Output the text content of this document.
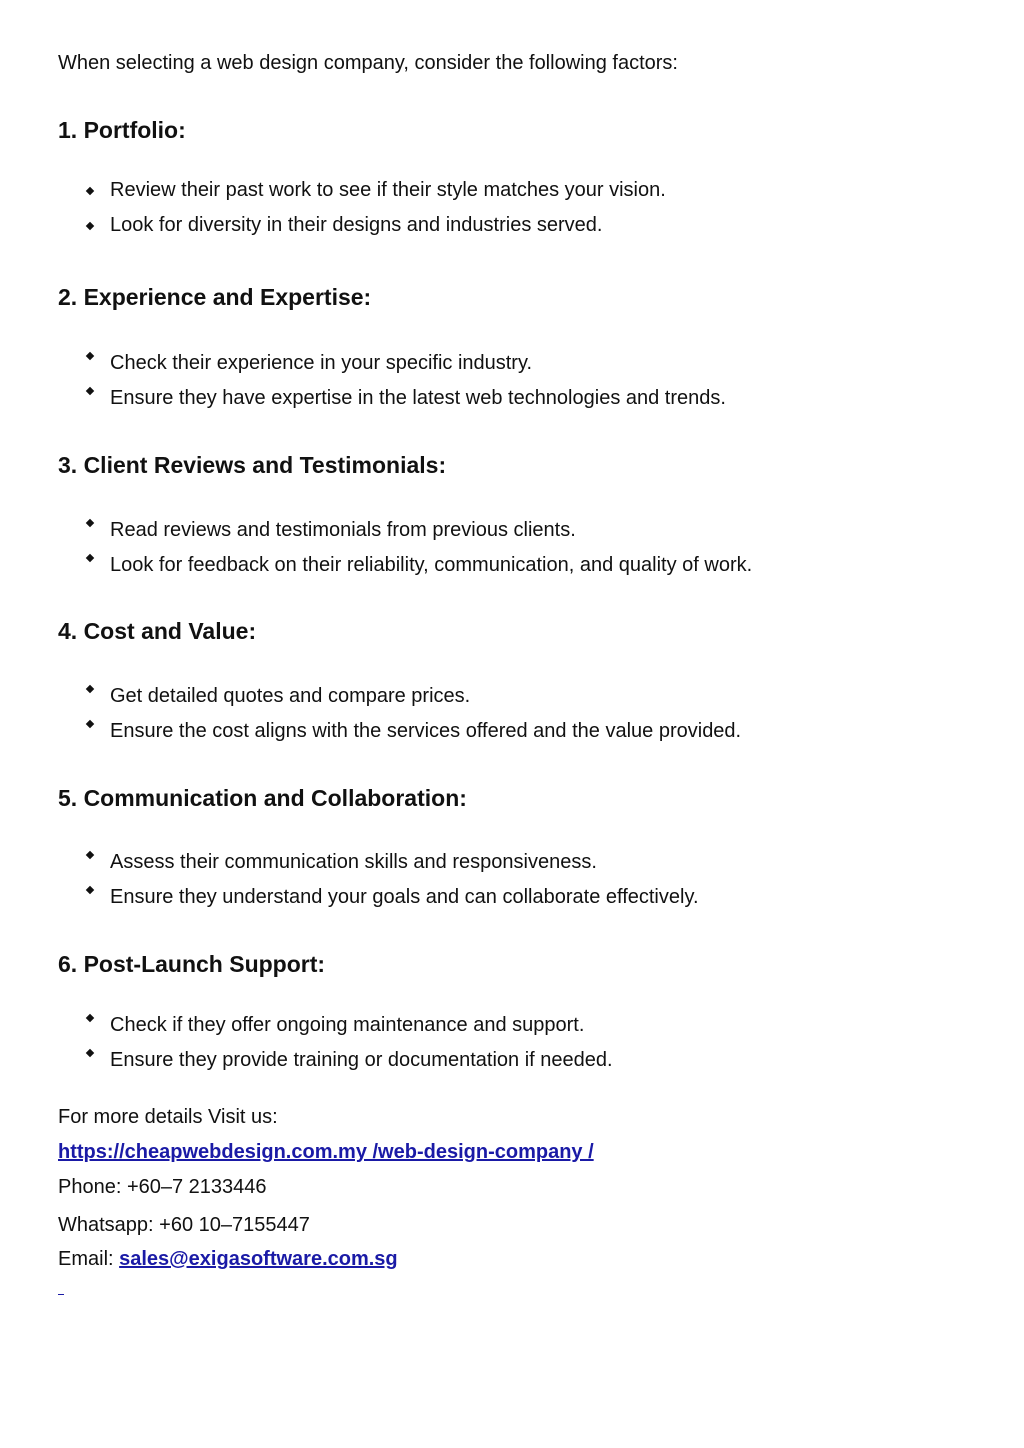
When selecting a web design company, consider the following factors:

1. Portfolio:
Review their past work to see if their style matches your vision.
Look for diversity in their designs and industries served.
2. Experience and Expertise:
Check their experience in your specific industry.
Ensure they have expertise in the latest web technologies and trends.
3. Client Reviews and Testimonials:
Read reviews and testimonials from previous clients.
Look for feedback on their reliability, communication, and quality of work.
4. Cost and Value:
Get detailed quotes and compare prices.
Ensure the cost aligns with the services offered and the value provided.
5. Communication and Collaboration:
Assess their communication skills and responsiveness.
Ensure they understand your goals and can collaborate effectively.
6. Post-Launch Support:
Check if they offer ongoing maintenance and support.
Ensure they provide training or documentation if needed.
For more details Visit us:
https://cheapwebdesign.com.my /web-design-company /
Phone: +60–7 2133446
Whatsapp: +60 10–7155447
Email: sales@exigasoftware.com.sg
